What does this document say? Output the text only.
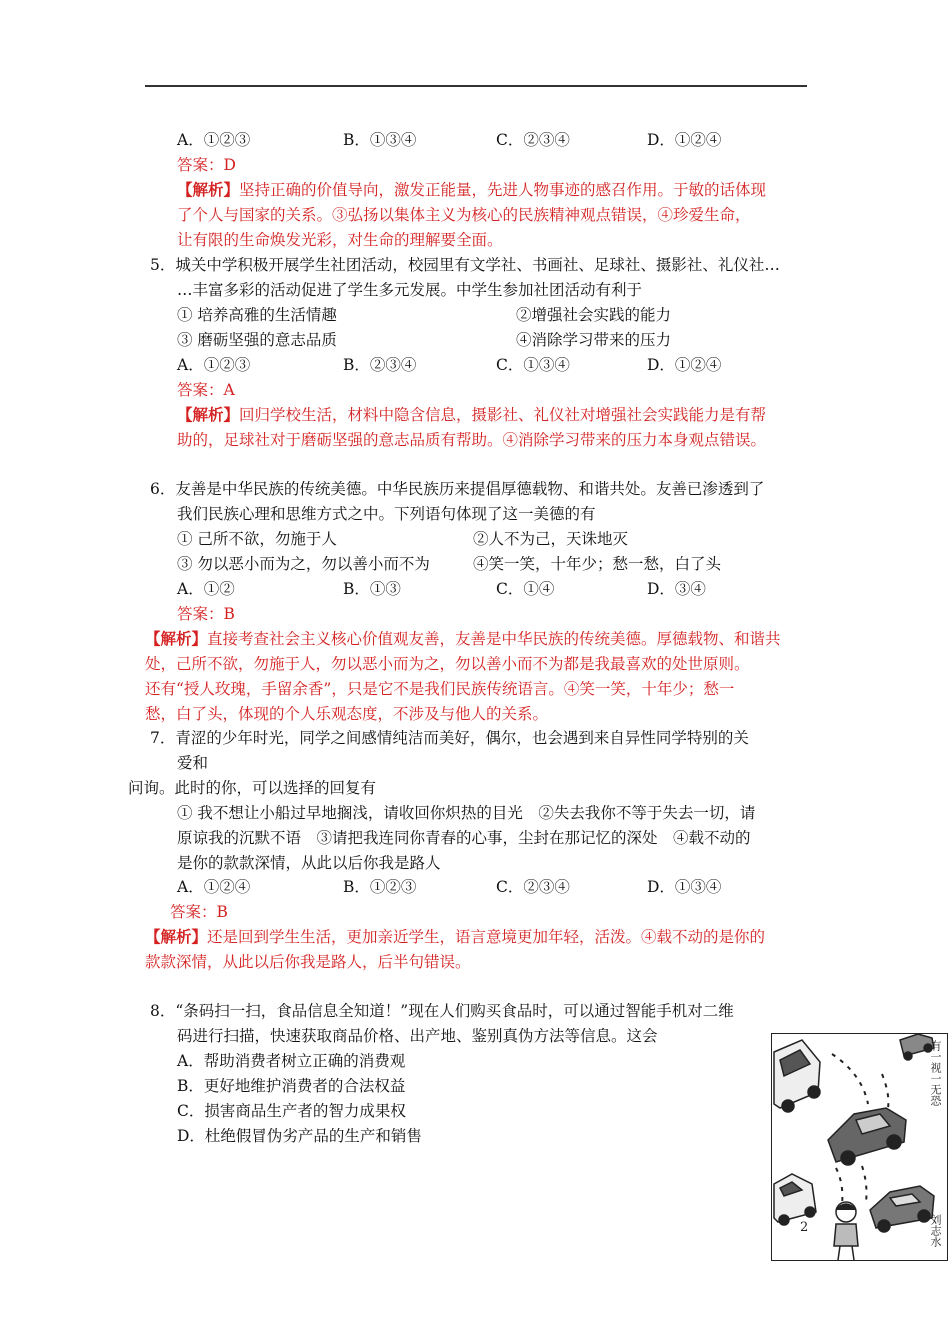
A．①②③	B．①③④	C．②③④	D．①②④
答案：D
【解析】坚持正确的价值导向，激发正能量，先进人物事迹的感召作用。于敏的话体现
了个人与国家的关系。③弘扬以集体主义为核心的民族精神观点错误，④珍爱生命，
让有限的生命焕发光彩，对生命的理解要全面。
5．城关中学积极开展学生社团活动，校园里有文学社、书画社、足球社、摄影社、礼仪社…
…丰富多彩的活动促进了学生多元发展。中学生参加社团活动有利于
① 培养高雅的生活情趣	②增强社会实践的能力
③ 磨砺坚强的意志品质	④消除学习带来的压力
A．①②③	B．②③④	C．①③④	D．①②④
答案：A
【解析】回归学校生活，材料中隐含信息，摄影社、礼仪社对增强社会实践能力是有帮
助的，足球社对于磨砺坚强的意志品质有帮助。④消除学习带来的压力本身观点错误。
6．友善是中华民族的传统美德。中华民族历来提倡厚德载物、和谐共处。友善已渗透到了
我们民族心理和思维方式之中。下列语句体现了这一美德的有
① 己所不欲，勿施于人	②人不为己，天诛地灭
③ 勿以恶小而为之，勿以善小而不为	④笑一笑，十年少；愁一愁，白了头
A．①②	B．①③	C．①④	D．③④
答案：B
【解析】直接考查社会主义核心价值观友善，友善是中华民族的传统美德。厚德载物、和谐共
处，己所不欲，勿施于人，勿以恶小而为之，勿以善小而不为都是我最喜欢的处世原则。
还有“授人玫瑰，手留余香”，只是它不是我们民族传统语言。④笑一笑，十年少；愁一
愁，白了头，体现的个人乐观态度，不涉及与他人的关系。
7．青涩的少年时光，同学之间感情纯洁而美好，偶尔，也会遇到来自异性同学特别的关
爱和
问询。此时的你，可以选择的回复有
① 我不想让小船过早地搁浅，请收回你炽热的目光　②失去我你不等于失去一切，请
原谅我的沉默不语　③请把我连同你青春的心事，尘封在那记忆的深处　④载不动的
是你的款款深情，从此以后你我是路人
A．①②④	B．①②③	C．②③④	D．①③④
答案：B
【解析】还是回到学生生活，更加亲近学生，语言意境更加年轻，活泼。④载不动的是你的
款款深情，从此以后你我是路人，后半句错误。
8．“条码扫一扫，食品信息全知道！”现在人们购买食品时，可以通过智能手机对二维
码进行扫描，快速获取商品价格、出产地、鉴别真伪方法等信息。这会
A．帮助消费者树立正确的消费观
B．更好地维护消费者的合法权益
C．损害商品生产者的智力成果权
D．杜绝假冒伪劣产品的生产和销售
有一视一无恐
刘志水
2
